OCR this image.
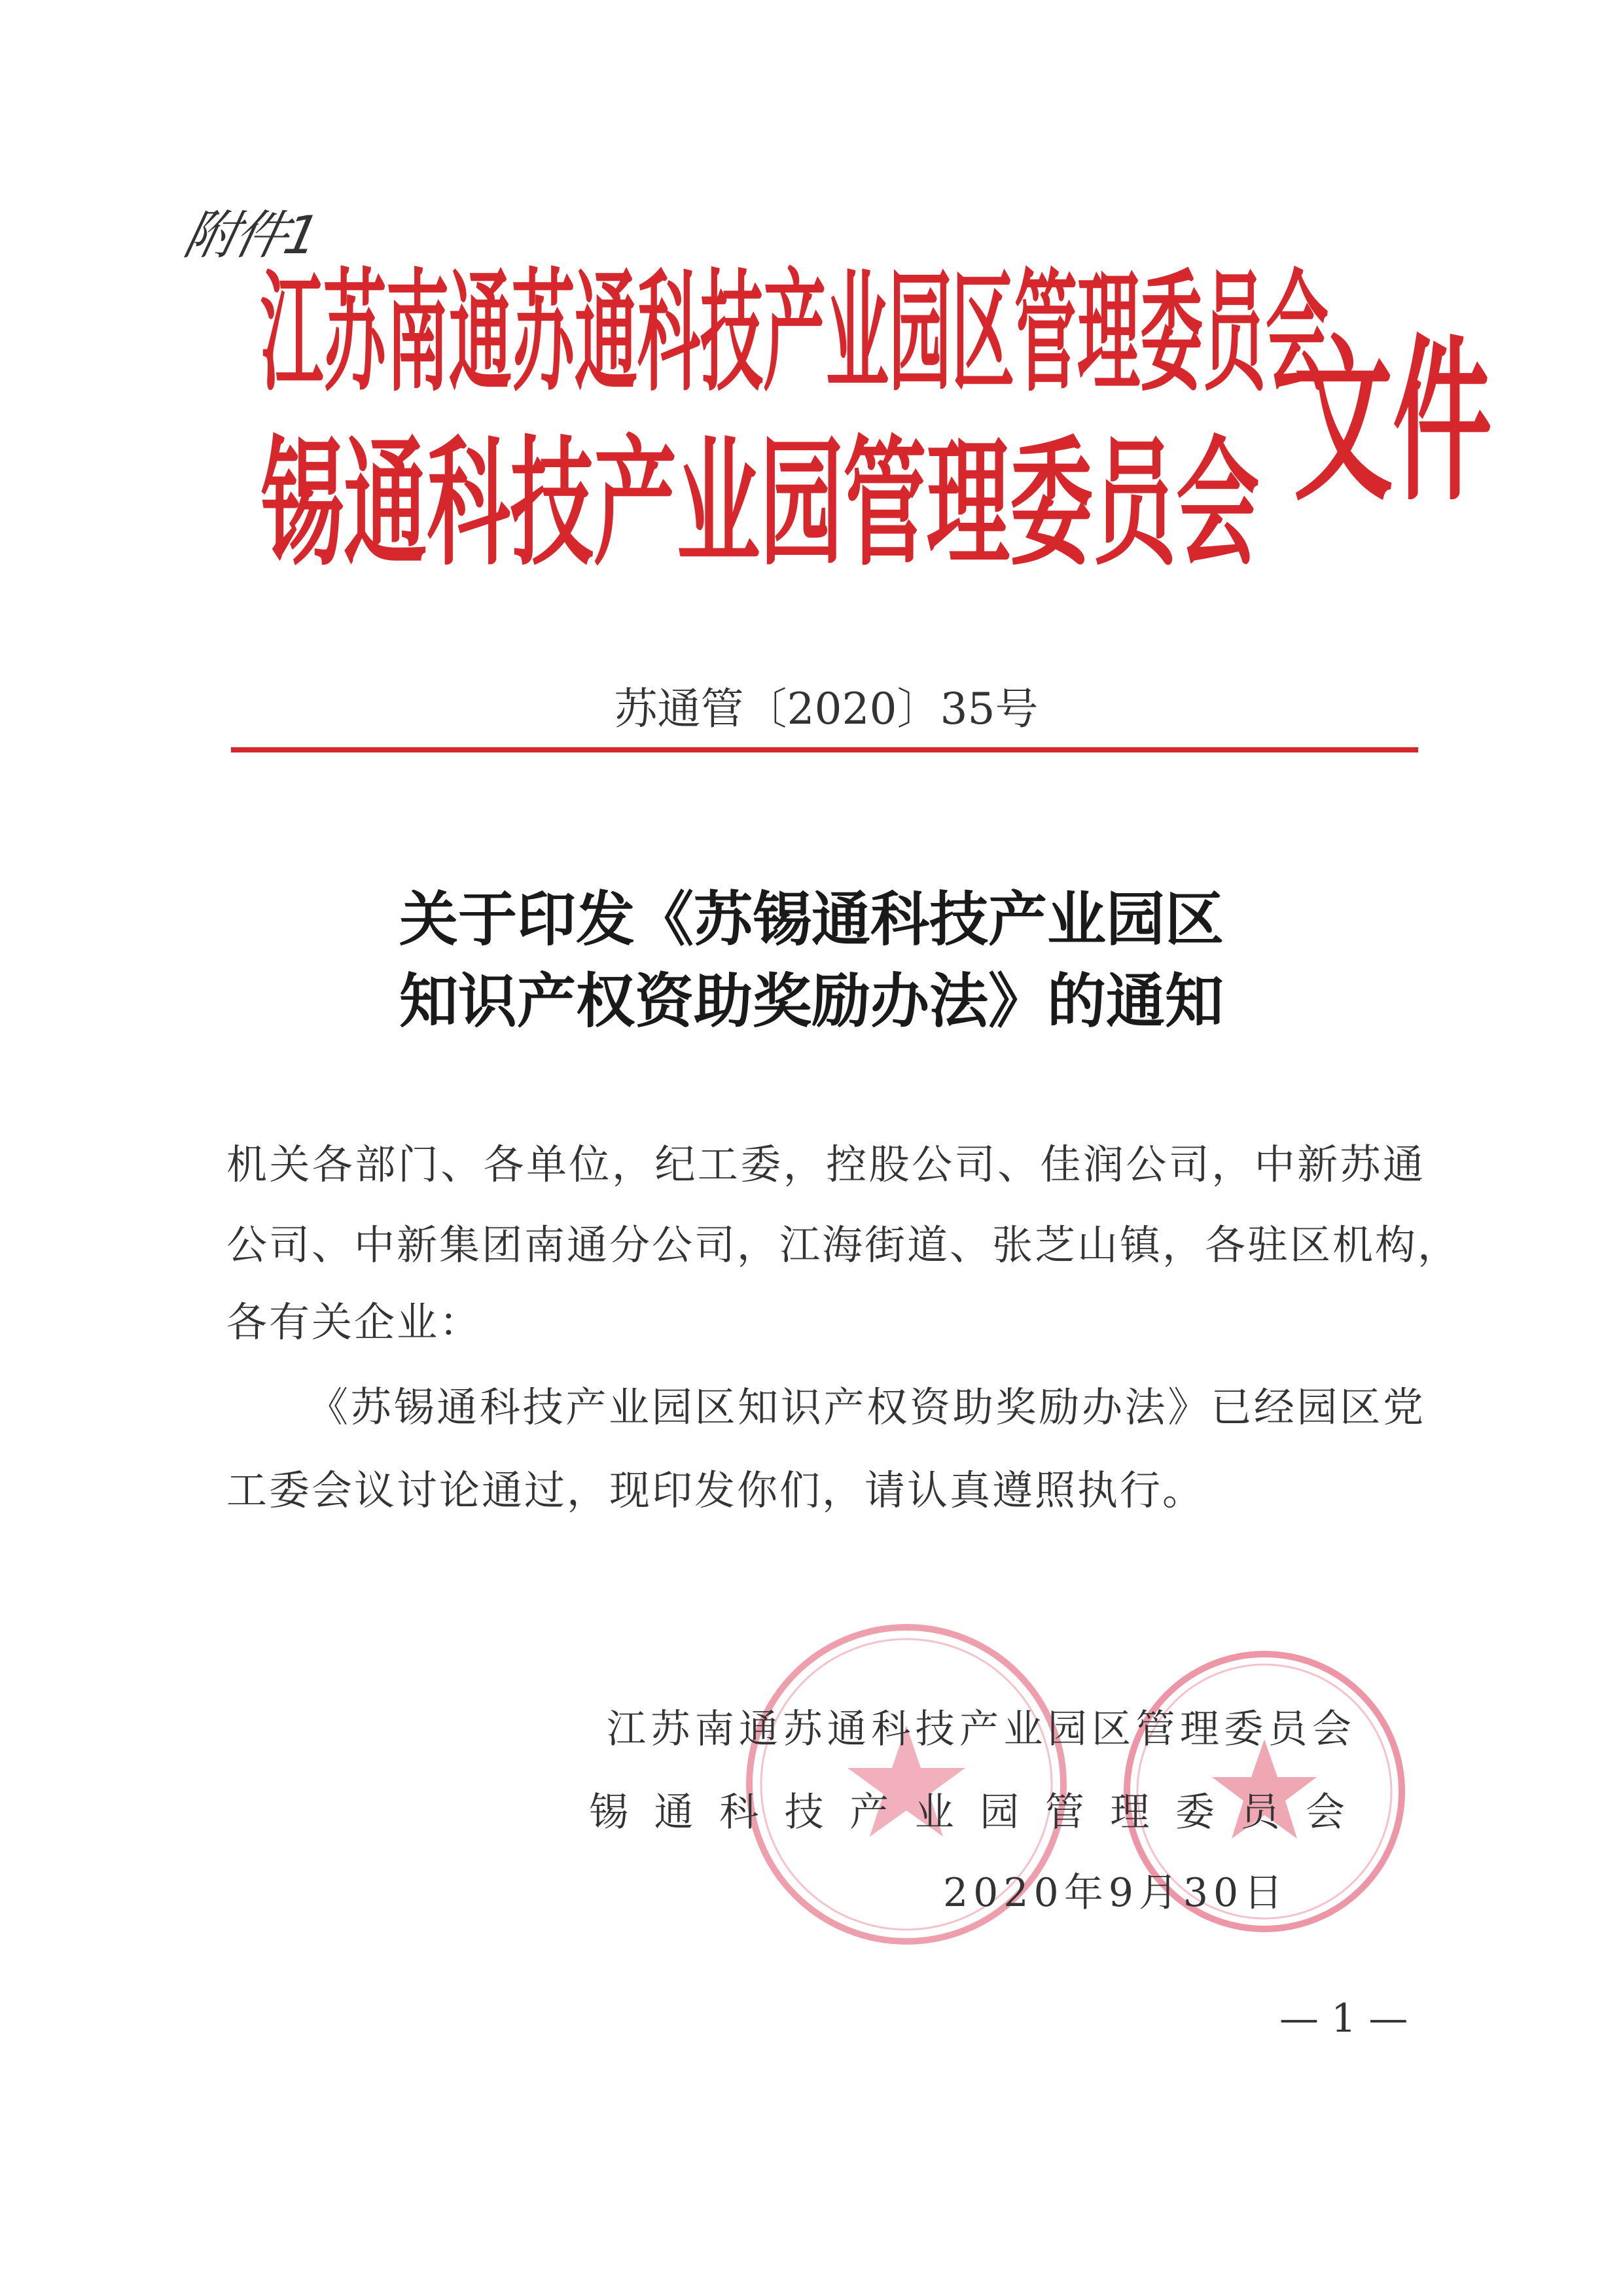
附件1
江苏南通苏通科技产业园区管理委员会
锡通科技产业园管理委员会 文件
苏通管〔2020〕35号
关于印发《苏锡通科技产业园区
知识产权资助奖励办法》的通知
机关各部门、各单位，纪工委，控股公司、佳润公司，中新苏通
公司、中新集团南通分公司，江海街道、张芝山镇，各驻区机构，
各有关企业：
《苏锡通科技产业园区知识产权资助奖励办法》已经园区党
工委会议讨论通过，现印发你们，请认真遵照执行。
江苏南通苏通科技产业园区管理委员会
锡通科技产业园管理委员会
2020年9月30日
— 1 —
